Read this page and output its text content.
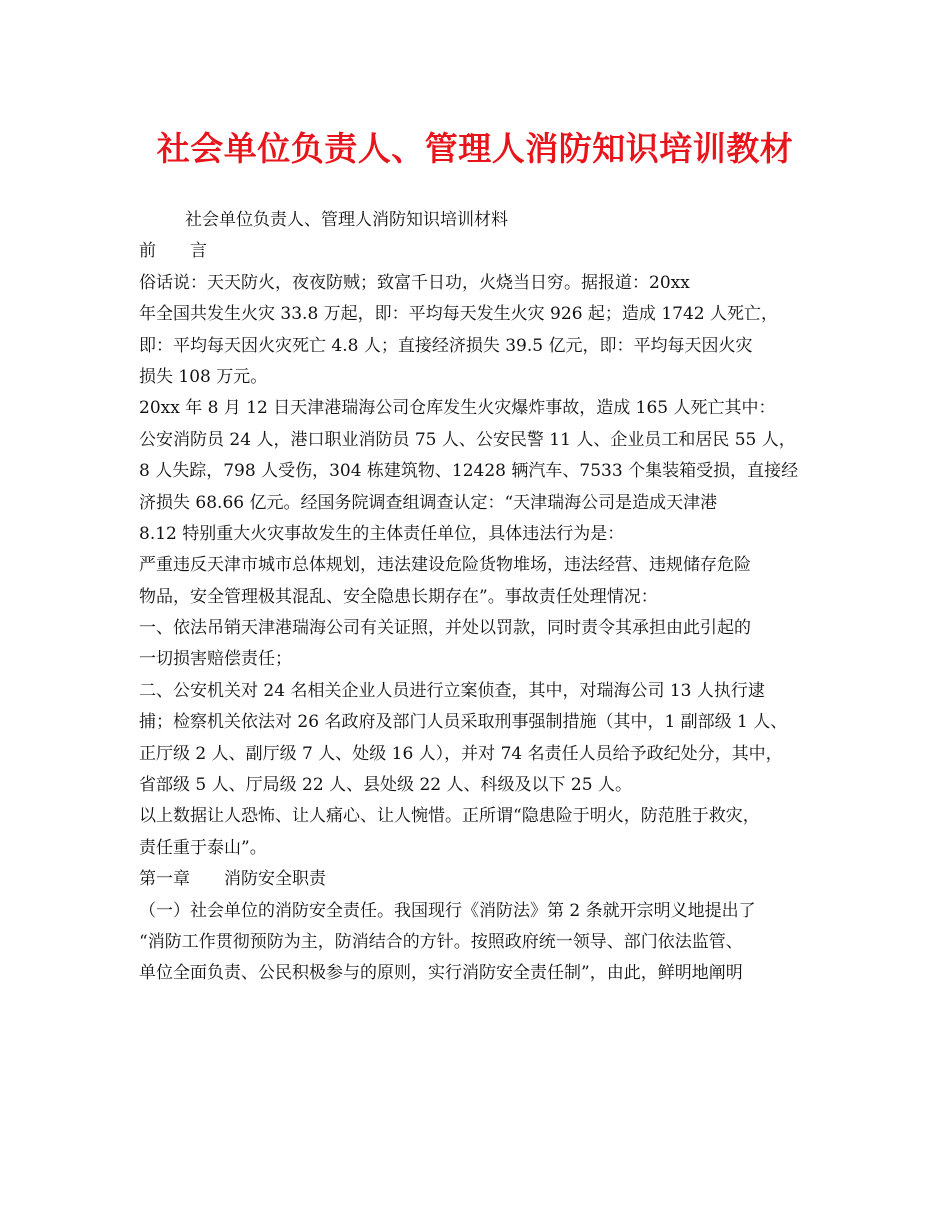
社会单位负责人、管理人消防知识培训教材
社会单位负责人、管理人消防知识培训材料
前　　言
俗话说：天天防火，夜夜防贼；致富千日功，火烧当日穷。据报道：20xx
年全国共发生火灾 33.8 万起，即：平均每天发生火灾 926 起；造成 1742 人死亡，
即：平均每天因火灾死亡 4.8 人；直接经济损失 39.5 亿元，即：平均每天因火灾
损失 108 万元。
20xx 年 8 月 12 日天津港瑞海公司仓库发生火灾爆炸事故，造成 165 人死亡其中：
公安消防员 24 人，港口职业消防员 75 人、公安民警 11 人、企业员工和居民 55 人，
8 人失踪，798 人受伤，304 栋建筑物、12428 辆汽车、7533 个集装箱受损，直接经
济损失 68.66 亿元。经国务院调查组调查认定：“天津瑞海公司是造成天津港
8.12 特别重大火灾事故发生的主体责任单位，具体违法行为是：
严重违反天津市城市总体规划，违法建设危险货物堆场，违法经营、违规储存危险
物品，安全管理极其混乱、安全隐患长期存在”。事故责任处理情况：
一、依法吊销天津港瑞海公司有关证照，并处以罚款，同时责令其承担由此引起的
一切损害赔偿责任；
二、公安机关对 24 名相关企业人员进行立案侦查，其中，对瑞海公司 13 人执行逮
捕；检察机关依法对 26 名政府及部门人员采取刑事强制措施（其中，1 副部级 1 人、
正厅级 2 人、副厅级 7 人、处级 16 人），并对 74 名责任人员给予政纪处分，其中，
省部级 5 人、厅局级 22 人、县处级 22 人、科级及以下 25 人。
以上数据让人恐怖、让人痛心、让人惋惜。正所谓“隐患险于明火，防范胜于救灾，
责任重于泰山”。
第一章　　消防安全职责
（一）社会单位的消防安全责任。我国现行《消防法》第 2 条就开宗明义地提出了
“消防工作贯彻预防为主，防消结合的方针。按照政府统一领导、部门依法监管、
单位全面负责、公民积极参与的原则，实行消防安全责任制”，由此，鲜明地阐明
